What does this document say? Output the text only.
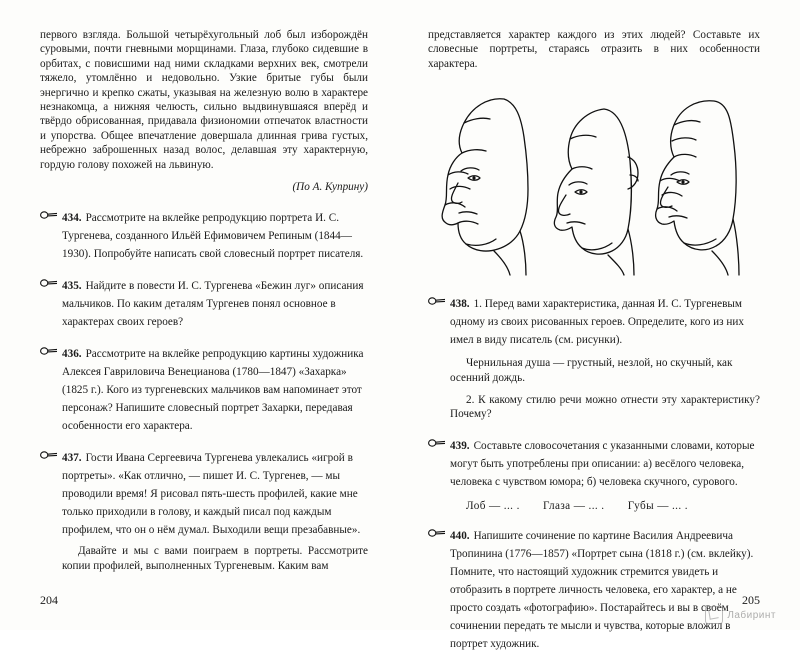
первого взгляда. Большой четырёхугольный лоб был изборождён суровыми, почти гневными морщинами. Глаза, глубоко сидевшие в орбитах, с повисшими над ними складками верхних век, смотрели тяжело, утомлённо и недовольно. Узкие бритые губы были энергично и крепко сжаты, указывая на железную волю в характере незнакомца, а нижняя челюсть, сильно выдвинувшаяся вперёд и твёрдо обрисованная, придавала физиономии отпечаток властности и упорства. Общее впечатление довершала длинная грива густых, небрежно заброшенных назад волос, делавшая эту характерную, гордую голову похожей на львиную.

(По А. Куприну)

434. Рассмотрите на вклейке репродукцию портрета И. С. Тургенева, созданного Ильёй Ефимовичем Репиным (1844—1930). Попробуйте написать свой словесный портрет писателя.
435. Найдите в повести И. С. Тургенева «Бежин луг» описания мальчиков. По каким деталям Тургенев понял основное в характерах своих героев?
436. Рассмотрите на вклейке репродукцию картины художника Алексея Гавриловича Венецианова (1780—1847) «Захарка» (1825 г.). Кого из тургеневских мальчиков вам напоминает этот персонаж? Напишите словесный портрет Захарки, передавая особенности его характера.
437. Гости Ивана Сергеевича Тургенева увлекались «игрой в портреты». «Как отлично, — пишет И. С. Тургенев, — мы проводили время! Я рисовал пять-шесть профилей, какие мне только приходили в голову, и каждый писал под каждым профилем, что он о нём думал. Выходили вещи презабавные».
Давайте и мы с вами поиграем в портреты. Рассмотрите копии профилей, выполненных Тургеневым. Каким вам
204

представляется характер каждого из этих людей? Составьте их словесные портреты, стараясь отразить в них особенности характера.

438. 1. Перед вами характеристика, данная И. С. Тургеневым одному из своих рисованных героев. Определите, кого из них имел в виду писатель (см. рисунки).
Чернильная душа — грустный, незлой, но скучный, как осенний дождь.
2. К какому стилю речи можно отнести эту характеристику? Почему?
439. Составьте словосочетания с указанными словами, которые могут быть употреблены при описании: а) весёлого человека, человека с чувством юмора; б) человека скучного, сурового.
Лоб — ... . Глаза — ... . Губы — ... .
440. Напишите сочинение по картине Василия Андреевича Тропинина (1776—1857) «Портрет сына (1818 г.) (см. вклейку). Помните, что настоящий художник стремится увидеть и отобразить в портрете личность человека, его характер, а не просто создать «фотографию». Постарайтесь и вы в своём сочинении передать те мысли и чувства, которые вложил в портрет художник.
205
Лабиринт
